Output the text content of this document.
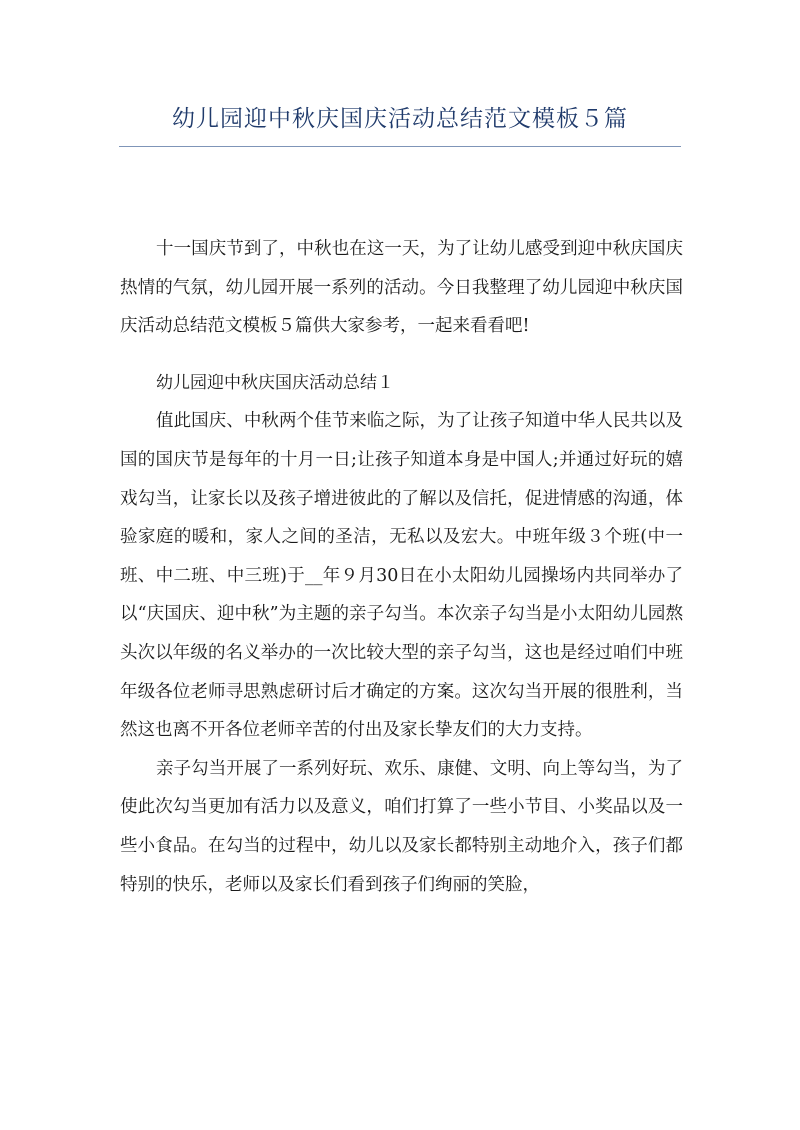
幼儿园迎中秋庆国庆活动总结范文模板５篇

十一国庆节到了，中秋也在这一天，为了让幼儿感受到迎中秋庆国庆热情的气氛，幼儿园开展一系列的活动。今日我整理了幼儿园迎中秋庆国庆活动总结范文模板５篇供大家参考，一起来看看吧!

幼儿园迎中秋庆国庆活动总结１

值此国庆、中秋两个佳节来临之际，为了让孩子知道中华人民共以及国的国庆节是每年的十月一日;让孩子知道本身是中国人;并通过好玩的嬉戏勾当，让家长以及孩子增进彼此的了解以及信托，促进情感的沟通，体验家庭的暖和，家人之间的圣洁，无私以及宏大。中班年级３个班(中一班、中二班、中三班)于__年９月30日在小太阳幼儿园操场内共同举办了以“庆国庆、迎中秋”为主题的亲子勾当。本次亲子勾当是小太阳幼儿园熬头次以年级的名义举办的一次比较大型的亲子勾当，这也是经过咱们中班年级各位老师寻思熟虑研讨后才确定的方案。这次勾当开展的很胜利，当然这也离不开各位老师辛苦的付出及家长挚友们的大力支持。

亲子勾当开展了一系列好玩、欢乐、康健、文明、向上等勾当，为了使此次勾当更加有活力以及意义，咱们打算了一些小节目、小奖品以及一些小食品。在勾当的过程中，幼儿以及家长都特别主动地介入，孩子们都特别的快乐，老师以及家长们看到孩子们绚丽的笑脸，
